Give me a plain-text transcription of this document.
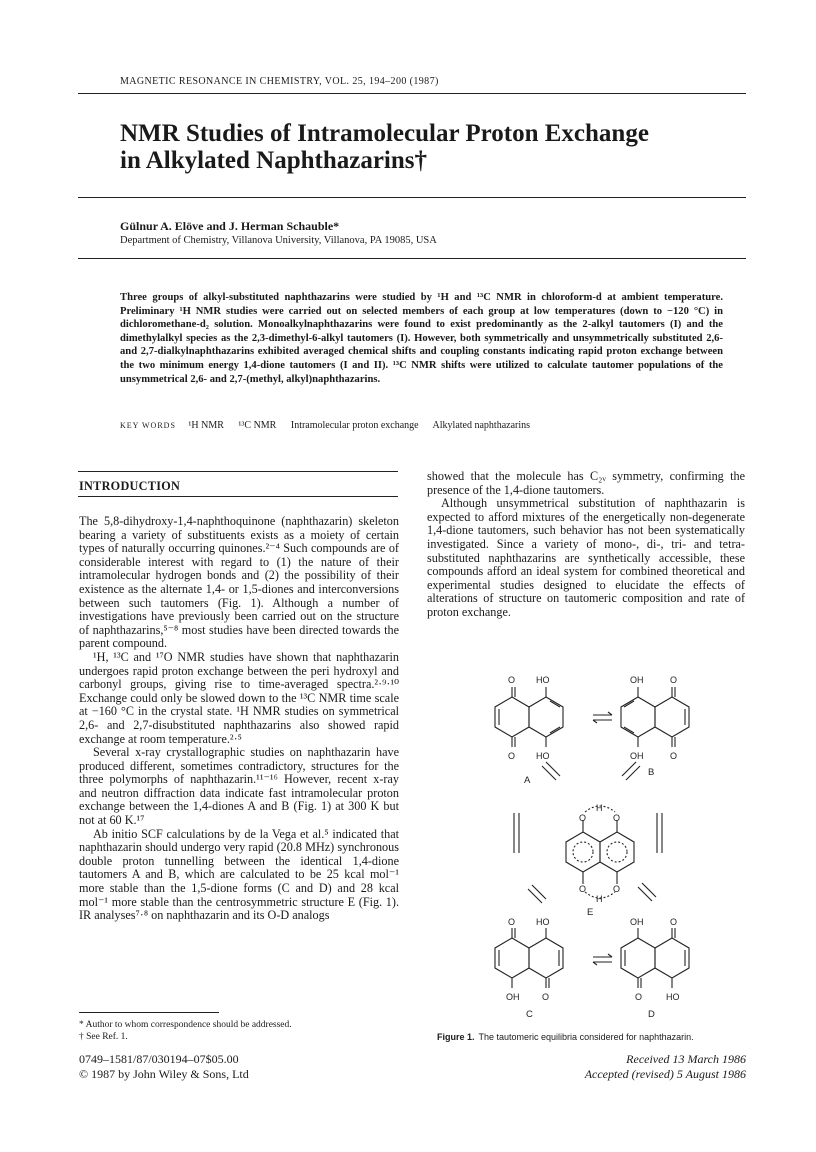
MAGNETIC RESONANCE IN CHEMISTRY, VOL. 25, 194–200 (1987)
NMR Studies of Intramolecular Proton Exchange
in Alkylated Naphthazarins†
Gülnur A. Elöve and J. Herman Schauble*
Department of Chemistry, Villanova University, Villanova, PA 19085, USA
Three groups of alkyl-substituted naphthazarins were studied by ¹H and ¹³C NMR in chloroform-d at ambient temperature. Preliminary ¹H NMR studies were carried out on selected members of each group at low temperatures (down to −120 °C) in dichloromethane-d₂ solution. Monoalkylnaphthazarins were found to exist predominantly as the 2-alkyl tautomers (I) and the dimethylalkyl species as the 2,3-dimethyl-6-alkyl tautomers (I). However, both symmetrically and unsymmetrically substituted 2,6- and 2,7-dialkylnaphthazarins exhibited averaged chemical shifts and coupling constants indicating rapid proton exchange between the two minimum energy 1,4-dione tautomers (I and II). ¹³C NMR shifts were utilized to calculate tautomer populations of the unsymmetrical 2,6- and 2,7-(methyl, alkyl)naphthazarins.
KEY WORDS ¹H NMR ¹³C NMR Intramolecular proton exchange Alkylated naphthazarins
INTRODUCTION

The 5,8-dihydroxy-1,4-naphthoquinone (naphthazarin) skeleton bearing a variety of substituents exists as a moiety of certain types of naturally occurring quinones.²⁻⁴ Such compounds are of considerable interest with regard to (1) the nature of their intramolecular hydrogen bonds and (2) the possibility of their existence as the alternate 1,4- or 1,5-diones and interconversions between such tautomers (Fig. 1). Although a number of investigations have previously been carried out on the structure of naphthazarins,⁵⁻⁸ most studies have been directed towards the parent compound.

¹H, ¹³C and ¹⁷O NMR studies have shown that naphthazarin undergoes rapid proton exchange between the peri hydroxyl and carbonyl groups, giving rise to time-averaged spectra.²·⁹·¹⁰ Exchange could only be slowed down to the ¹³C NMR time scale at −160 °C in the crystal state. ¹H NMR studies on symmetrical 2,6- and 2,7-disubstituted naphthazarins also showed rapid exchange at room temperature.²·⁵

Several x-ray crystallographic studies on naphthazarin have produced different, sometimes contradictory, structures for the three polymorphs of naphthazarin.¹¹⁻¹⁶ However, recent x-ray and neutron diffraction data indicate fast intramolecular proton exchange between the 1,4-diones A and B (Fig. 1) at 300 K but not at 60 K.¹⁷

Ab initio SCF calculations by de la Vega et al.⁵ indicated that naphthazarin should undergo very rapid (20.8 MHz) synchronous double proton tunnelling between the identical 1,4-dione tautomers A and B, which are calculated to be 25 kcal mol⁻¹ more stable than the 1,5-dione forms (C and D) and 28 kcal mol⁻¹ more stable than the centrosymmetric structure E (Fig. 1). IR analyses⁷·⁸ on naphthazarin and its O-D analogs

showed that the molecule has C₂ᵥ symmetry, confirming the presence of the 1,4-dione tautomers.

Although unsymmetrical substitution of naphthazarin is expected to afford mixtures of the energetically non-degenerate 1,4-dione tautomers, such behavior has not been systematically investigated. Since a variety of mono-, di-, tri- and tetra-substituted naphthazarins are synthetically accessible, these compounds afford an ideal system for combined theoretical and experimental studies designed to elucidate the effects of alterations of structure on tautomeric composition and rate of proton exchange.

O HO
O HO
OH	O
OH	O
O
H
O
O
H
O
O HO
OH	O
OH	O
O	HO
A
B
E
C	D
Figure 1. The tautomeric equilibria considered for naphthazarin.
* Author to whom correspondence should be addressed.
† See Ref. 1.
0749–1581/87/030194–07$05.00
© 1987 by John Wiley & Sons, Ltd
Received 13 March 1986
Accepted (revised) 5 August 1986
